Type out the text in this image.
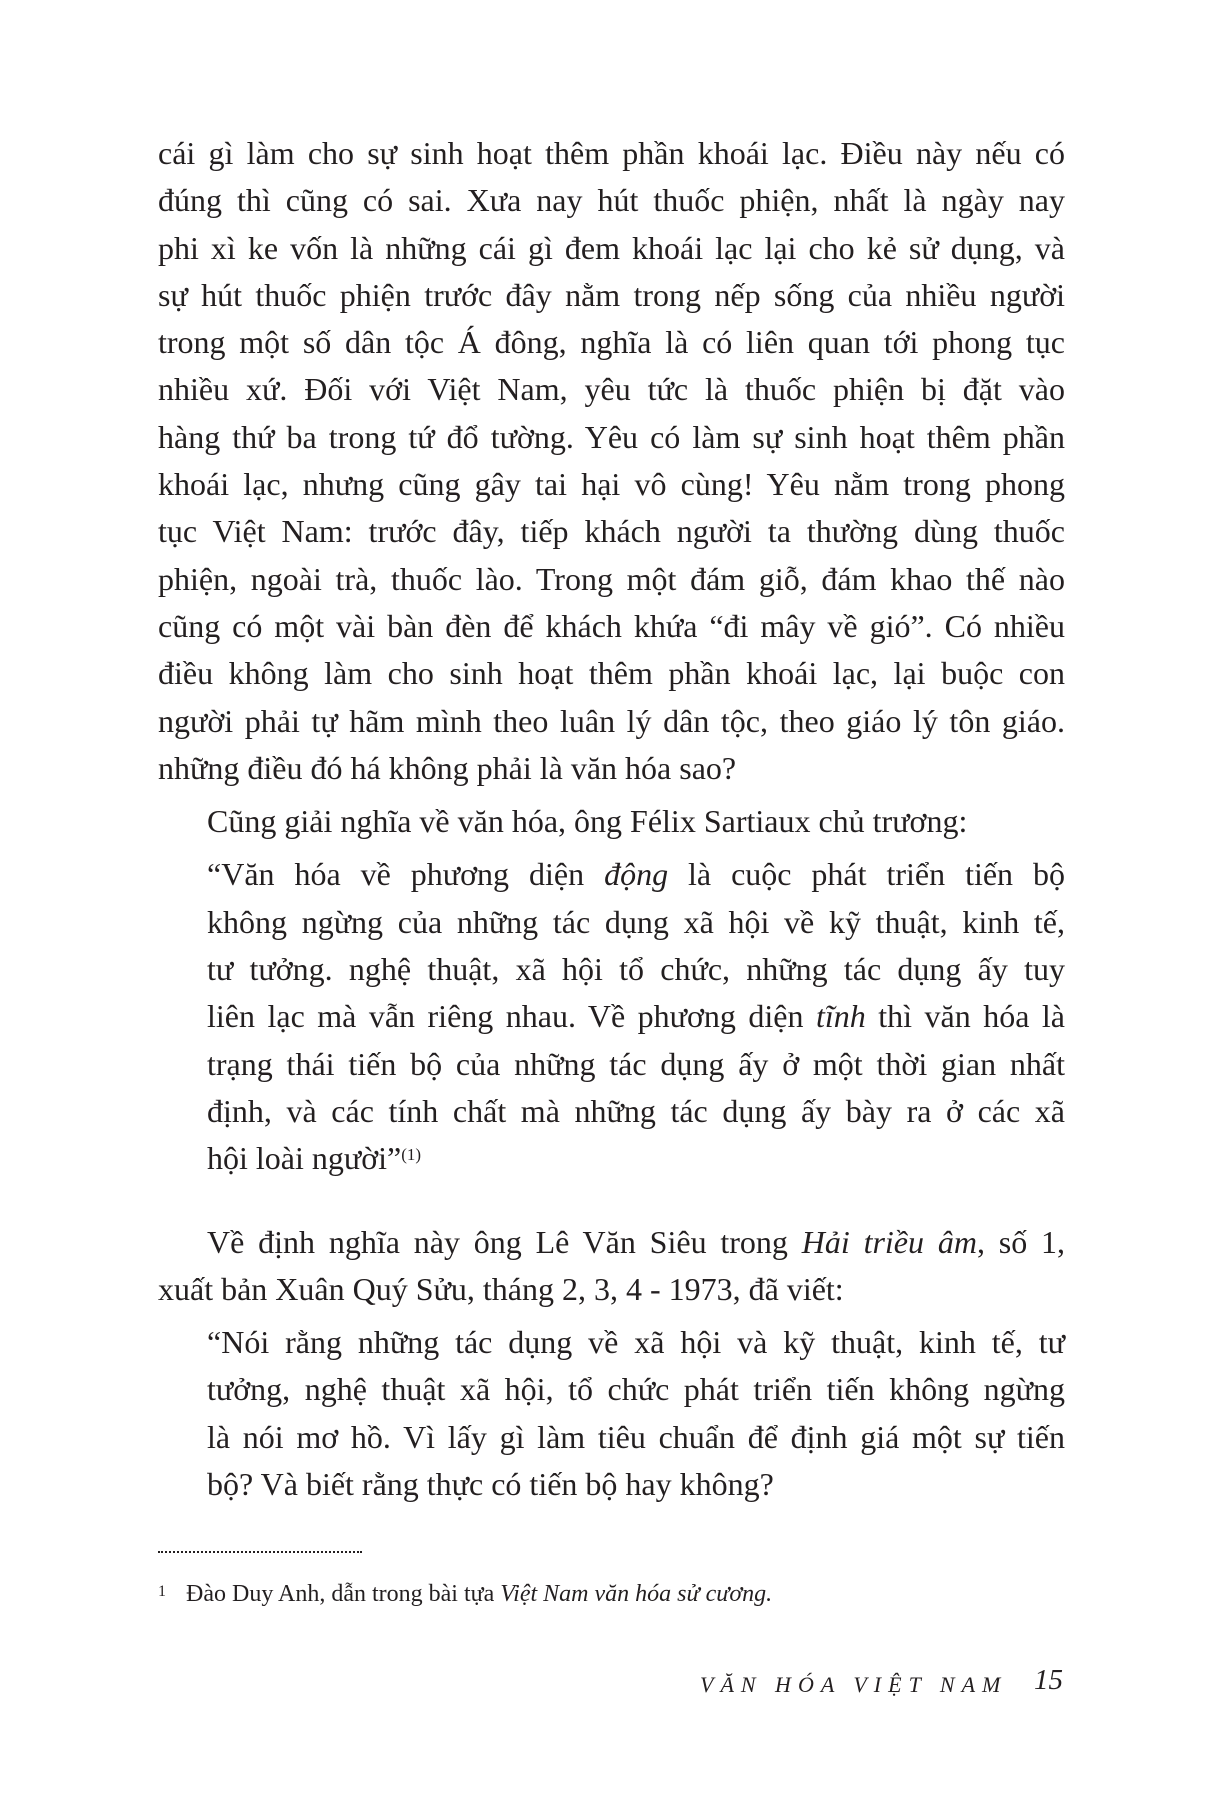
cái gì làm cho sự sinh hoạt thêm phần khoái lạc. Điều này nếu có
đúng thì cũng có sai. Xưa nay hút thuốc phiện, nhất là ngày nay
phi xì ke vốn là những cái gì đem khoái lạc lại cho kẻ sử dụng, và
sự hút thuốc phiện trước đây nằm trong nếp sống của nhiều người
trong một số dân tộc Á đông, nghĩa là có liên quan tới phong tục
nhiều xứ. Đối với Việt Nam, yêu tức là thuốc phiện bị đặt vào
hàng thứ ba trong tứ đổ tường. Yêu có làm sự sinh hoạt thêm phần
khoái lạc, nhưng cũng gây tai hại vô cùng! Yêu nằm trong phong
tục Việt Nam: trước đây, tiếp khách người ta thường dùng thuốc
phiện, ngoài trà, thuốc lào. Trong một đám giỗ, đám khao thế nào
cũng có một vài bàn đèn để khách khứa “đi mây về gió”. Có nhiều
điều không làm cho sinh hoạt thêm phần khoái lạc, lại buộc con
người phải tự hãm mình theo luân lý dân tộc, theo giáo lý tôn giáo.
những điều đó há không phải là văn hóa sao?
Cũng giải nghĩa về văn hóa, ông Félix Sartiaux chủ trương:
“Văn hóa về phương diện động là cuộc phát triển tiến bộ
không ngừng của những tác dụng xã hội về kỹ thuật, kinh tế,
tư tưởng. nghệ thuật, xã hội tổ chức, những tác dụng ấy tuy
liên lạc mà vẫn riêng nhau. Về phương diện tĩnh thì văn hóa là
trạng thái tiến bộ của những tác dụng ấy ở một thời gian nhất
định, và các tính chất mà những tác dụng ấy bày ra ở các xã
hội loài người”$^{(1)}$
Về định nghĩa này ông Lê Văn Siêu trong Hải triều âm, số 1,
xuất bản Xuân Quý Sửu, tháng 2, 3, 4 - 1973, đã viết:
“Nói rằng những tác dụng về xã hội và kỹ thuật, kinh tế, tư
tưởng, nghệ thuật xã hội, tổ chức phát triển tiến không ngừng
là nói mơ hồ. Vì lấy gì làm tiêu chuẩn để định giá một sự tiến
bộ? Và biết rằng thực có tiến bộ hay không?
$^1$ Đào Duy Anh, dẫn trong bài tựa Việt Nam văn hóa sử cương.
VĂN HÓA VIỆT NAM 15
